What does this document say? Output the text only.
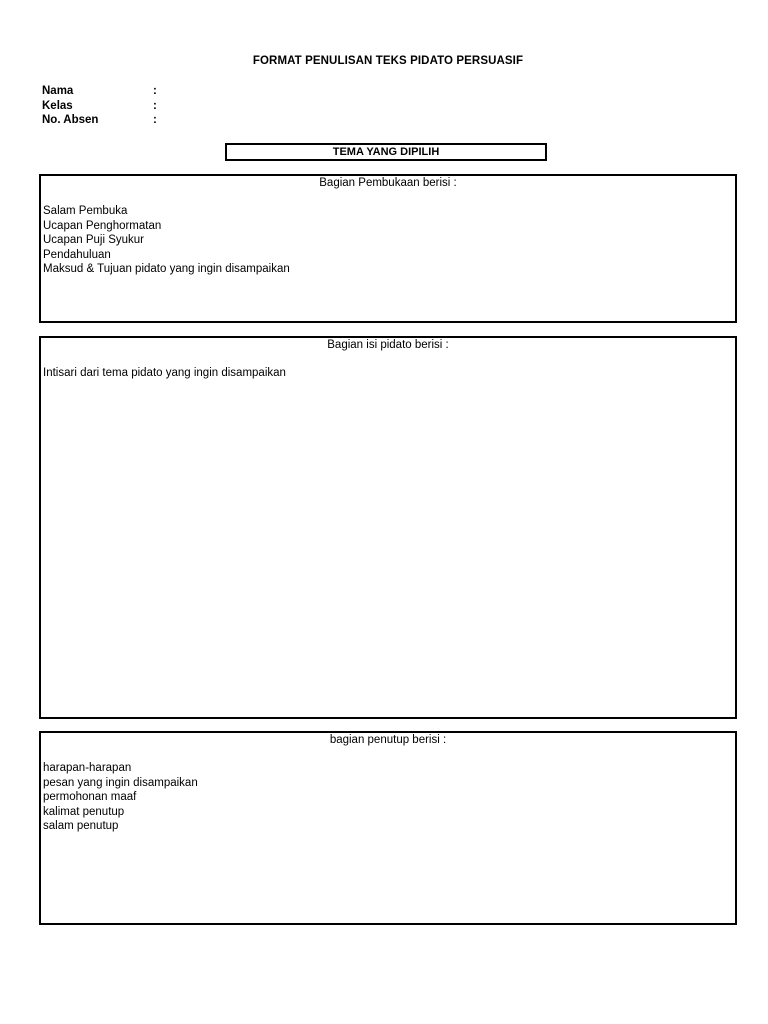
FORMAT PENULISAN TEKS PIDATO PERSUASIF
Nama	:
Kelas	:
No. Absen	:
TEMA YANG DIPILIH
Bagian Pembukaan berisi :
Salam Pembuka
Ucapan Penghormatan
Ucapan Puji Syukur
Pendahuluan
Maksud & Tujuan pidato yang ingin disampaikan
Bagian isi pidato berisi :
Intisari dari tema pidato yang ingin disampaikan
bagian penutup berisi :
harapan-harapan
pesan yang ingin disampaikan
permohonan maaf
kalimat penutup
salam penutup
